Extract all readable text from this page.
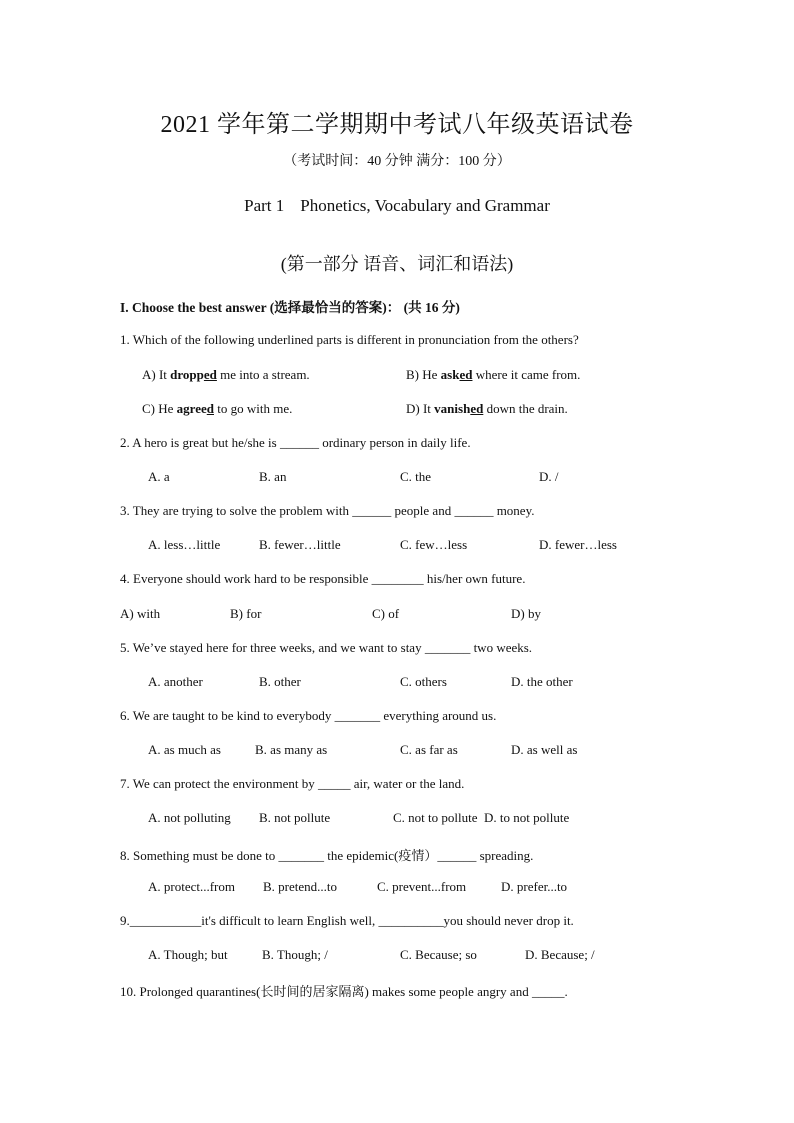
2021 学年第二学期期中考试八年级英语试卷
（考试时间：40 分钟 满分：100 分）
Part 1 Phonetics, Vocabulary and Grammar
(第一部分 语音、词汇和语法)
I. Choose the best answer (选择最恰当的答案)： (共 16 分)
1. Which of the following underlined parts is different in pronunciation from the others?
A) It dropped me into a stream.	B) He asked where it came from.
C) He agreed to go with me.	D) It vanished down the drain.
2. A hero is great but he/she is ______ ordinary person in daily life.
A. a	B. an	C. the	D. /
3. They are trying to solve the problem with ______ people and ______ money.
A. less…little	B. fewer…little	C. few…less	D. fewer…less
4. Everyone should work hard to be responsible ________ his/her own future.
A) with	B) for	C) of	D) by
5. We’ve stayed here for three weeks, and we want to stay _______ two weeks.
A. another	B. other	C. others	D. the other
6. We are taught to be kind to everybody _______ everything around us.
A. as much as	B. as many as	C. as far as	D. as well as
7. We can protect the environment by _____ air, water or the land.
A. not polluting B. not pollute	C. not to pollute D. to not pollute
8. Something must be done to _______ the epidemic(疫情）______ spreading.
A. protect...from B. pretend...to	C. prevent...from	D. prefer...to
9.___________it's difficult to learn English well, __________you should never drop it.
A. Though; but	B. Though; /	C. Because; so	D. Because; /
10. Prolonged quarantines(长时间的居家隔离) makes some people angry and _____.
